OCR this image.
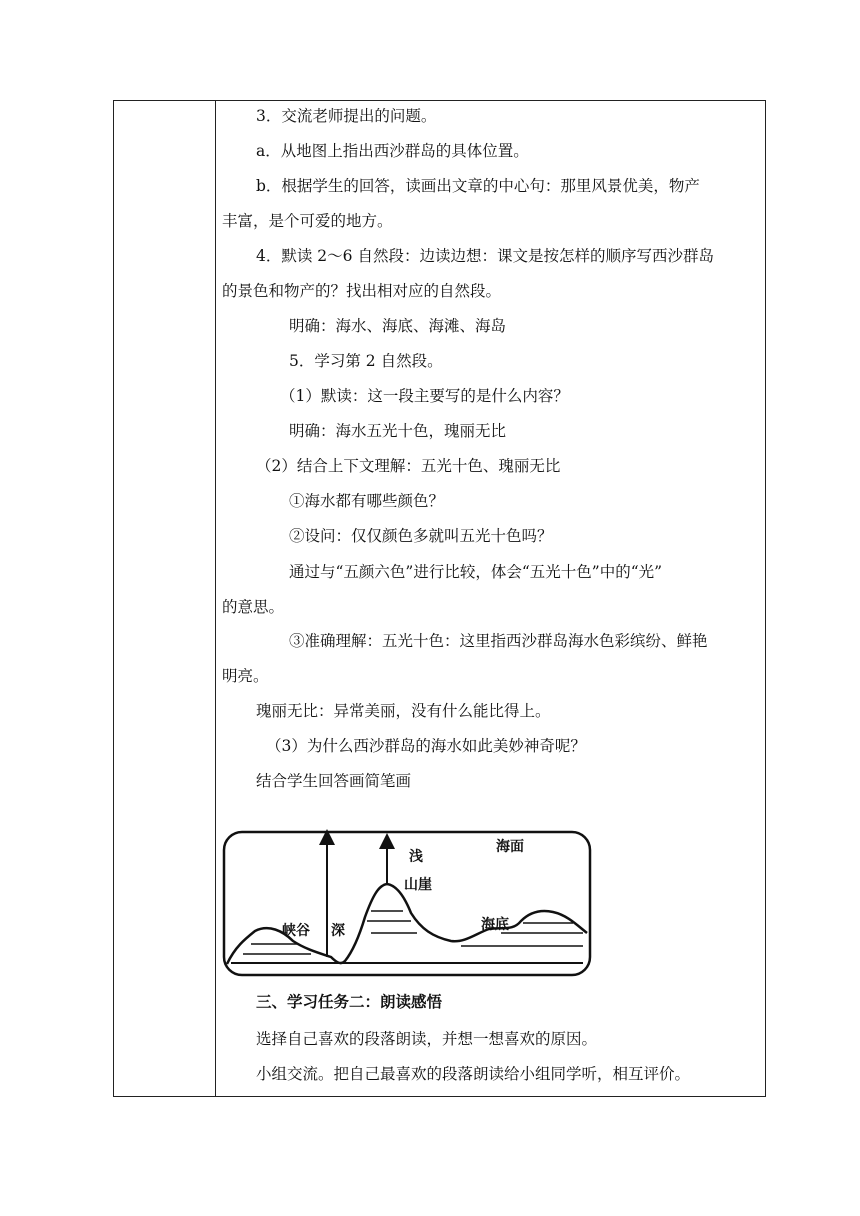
3．交流老师提出的问题。
a．从地图上指出西沙群岛的具体位置。
b．根据学生的回答，读画出文章的中心句：那里风景优美，物产
丰富，是个可爱的地方。
4．默读 2～6 自然段：边读边想：课文是按怎样的顺序写西沙群岛
的景色和物产的？找出相对应的自然段。
明确：海水、海底、海滩、海岛
5．学习第 2 自然段。
（1）默读：这一段主要写的是什么内容？
明确：海水五光十色，瑰丽无比
（2）结合上下文理解：五光十色、瑰丽无比
①海水都有哪些颜色？
②设问：仅仅颜色多就叫五光十色吗？
通过与“五颜六色”进行比较，体会“五光十色”中的“光”
的意思。
③准确理解：五光十色：这里指西沙群岛海水色彩缤纷、鲜艳
明亮。
瑰丽无比：异常美丽，没有什么能比得上。
（3）为什么西沙群岛的海水如此美妙神奇呢？
结合学生回答画简笔画
浅
海面
山崖
峡谷 深	海底
三、学习任务二：朗读感悟
选择自己喜欢的段落朗读，并想一想喜欢的原因。
小组交流。把自己最喜欢的段落朗读给小组同学听，相互评价。
